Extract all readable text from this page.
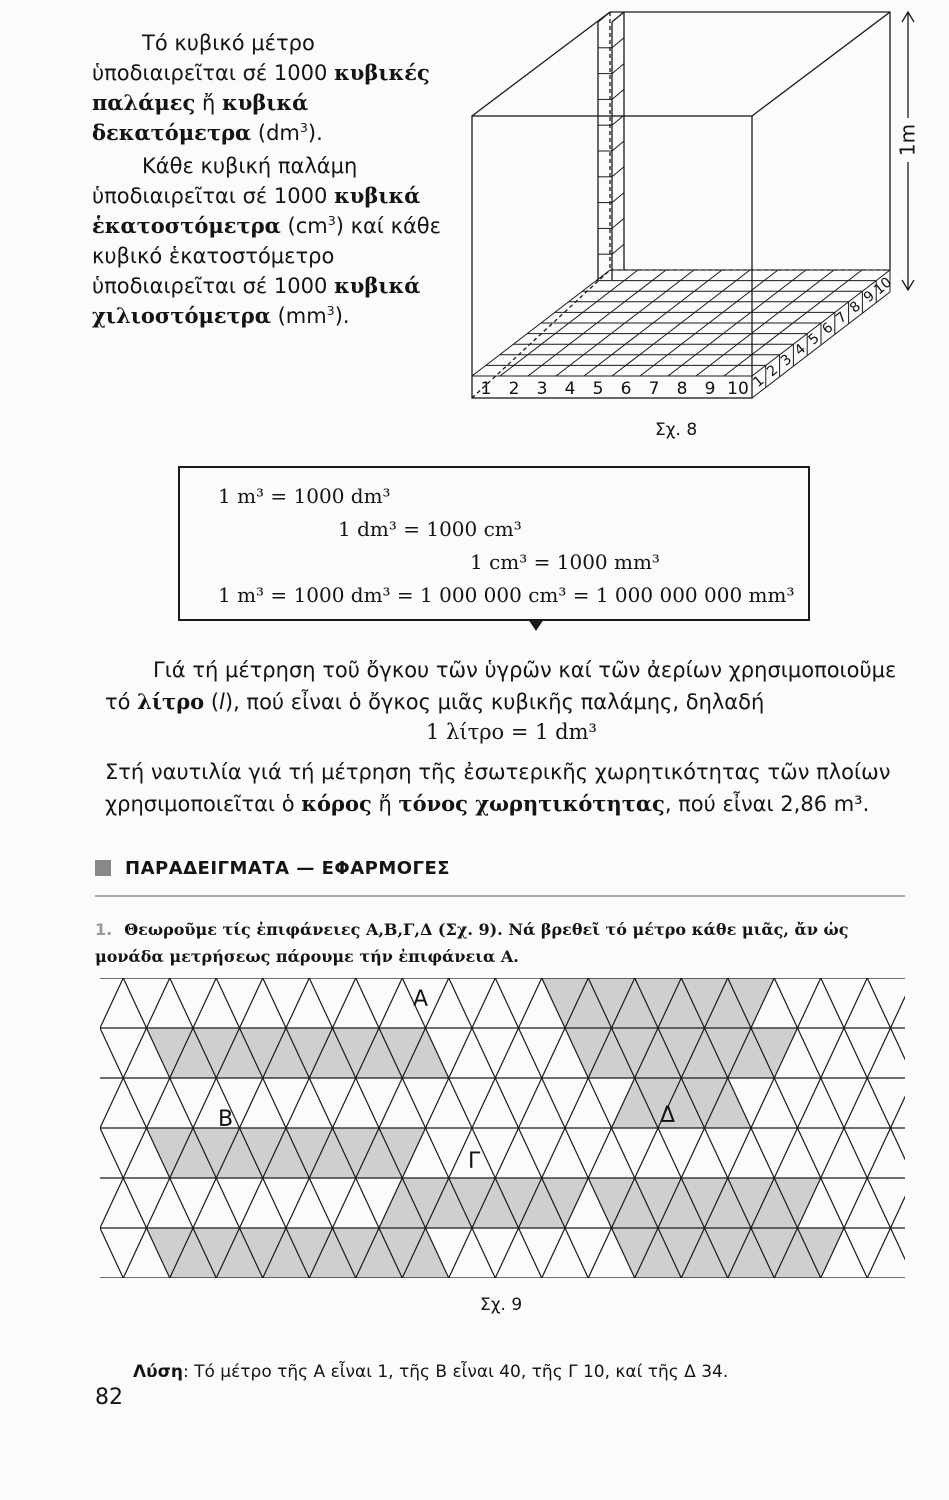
Τό κυβικό μέτρο ὑποδιαιρεῖται σέ 1000 κυβικές παλάμες ἤ κυβικά δεκατόμετρα $(dm^3)$.

Κάθε κυβική παλάμη ὑποδιαιρεῖται σέ 1000 κυβικά ἑκατοστόμετρα $(cm^3)$ καί κάθε κυβικό ἑκατοστόμετρο ὑποδιαιρεῖται σέ 1000 κυβικά χιλιοστόμετρα $(mm^3)$.

1 2 3 4 5 6 7 8 9 10 1
2
3
4
5
6
7
8
9
10
1m
Σχ. 8
1 m³ = 1000 dm³
1 dm³ = 1000 cm³
1 cm³ = 1000 mm³
1 m³ = 1000 dm³ = 1 000 000 cm³ = 1 000 000 000 mm³
Γιά τή μέτρηση τοῦ ὄγκου τῶν ὑγρῶν καί τῶν ἀερίων χρησιμοποιοῦμε τό λίτρο (l), πού εἶναι ὁ ὄγκος μιᾶς κυβικῆς παλάμης, δηλαδή
1 λίτρο = 1 dm³
Στή ναυτιλία γιά τή μέτρηση τῆς ἐσωτερικῆς χωρητικότητας τῶν πλοίων χρησιμοποιεῖται ὁ κόρος ἤ τόνος χωρητικότητας, πού εἶναι 2,86 m³.
ΠΑΡΑΔΕΙΓΜΑΤΑ — ΕΦΑΡΜΟΓΕΣ
1. Θεωροῦμε τίς ἐπιφάνειες Α,Β,Γ,Δ (Σχ. 9). Νά βρεθεῖ τό μέτρο κάθε μιᾶς, ἄν ὡς μονάδα μετρήσεως πάρουμε τήν ἐπιφάνεια Α.
Α
Β
Γ
Δ
Σχ. 9
Λύση: Τό μέτρο τῆς Α εἶναι 1, τῆς Β εἶναι 40, τῆς Γ 10, καί τῆς Δ 34.
82
